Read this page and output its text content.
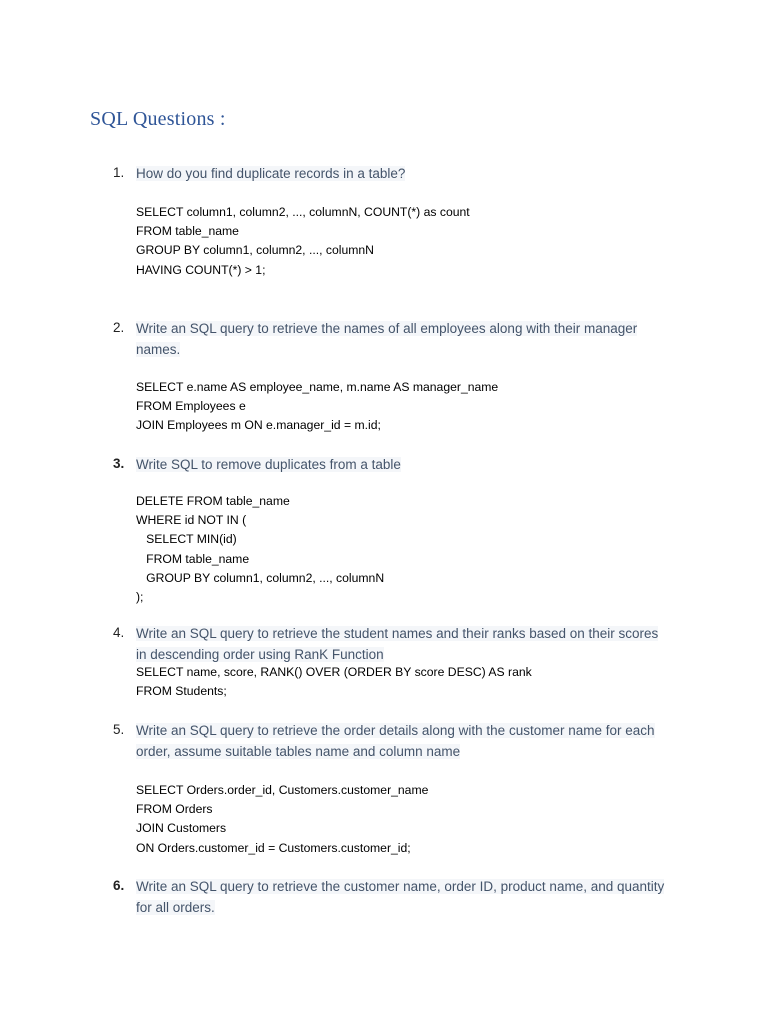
SQL Questions :
1. How do you find duplicate records in a table?
SELECT column1, column2, ..., columnN, COUNT(*) as count
FROM table_name
GROUP BY column1, column2, ..., columnN
HAVING COUNT(*) > 1;
2. Write an SQL query to retrieve the names of all employees along with their manager
names.
SELECT e.name AS employee_name, m.name AS manager_name
FROM Employees e
JOIN Employees m ON e.manager_id = m.id;
3. Write SQL to remove duplicates from a table
DELETE FROM table_name
WHERE id NOT IN (
SELECT MIN(id)
FROM table_name
GROUP BY column1, column2, ..., columnN
);
4. Write an SQL query to retrieve the student names and their ranks based on their scores
in descending order using RanK Function
SELECT name, score, RANK() OVER (ORDER BY score DESC) AS rank
FROM Students;
5. Write an SQL query to retrieve the order details along with the customer name for each
order, assume suitable tables name and column name
SELECT Orders.order_id, Customers.customer_name
FROM Orders
JOIN Customers
ON Orders.customer_id = Customers.customer_id;
6. Write an SQL query to retrieve the customer name, order ID, product name, and quantity
for all orders.
